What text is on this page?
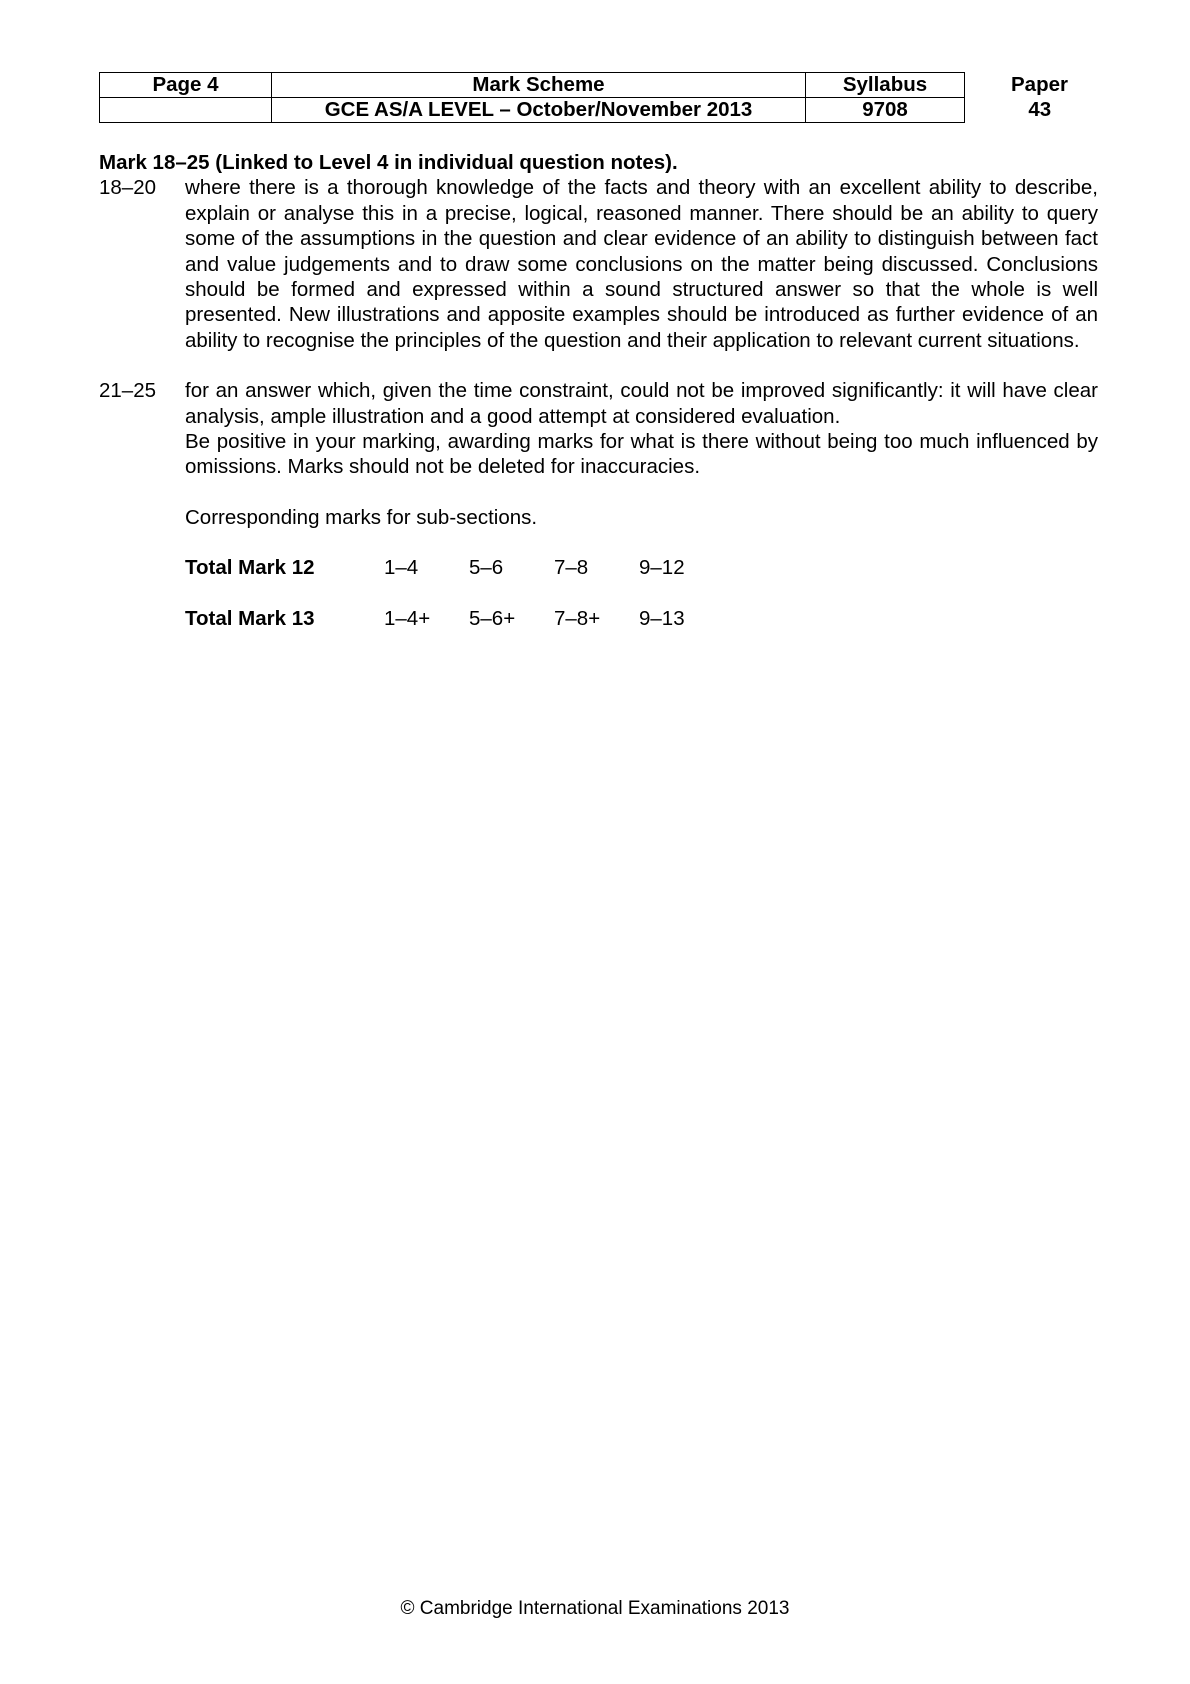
Page 4	Mark Scheme	Syllabus	Paper
	GCE AS/A LEVEL – October/November 2013	9708	43

Mark 18–25 (Linked to Level 4 in individual question notes).

18–20	where there is a thorough knowledge of the facts and theory with an excellent ability to describe, explain or analyse this in a precise, logical, reasoned manner. There should be an ability to query some of the assumptions in the question and clear evidence of an ability to distinguish between fact and value judgements and to draw some conclusions on the matter being discussed. Conclusions should be formed and expressed within a sound structured answer so that the whole is well presented. New illustrations and apposite examples should be introduced as further evidence of an ability to recognise the principles of the question and their application to relevant current situations.

21–25	for an answer which, given the time constraint, could not be improved significantly: it will have clear analysis, ample illustration and a good attempt at considered evaluation.

Be positive in your marking, awarding marks for what is there without being too much influenced by omissions. Marks should not be deleted for inaccuracies.

Corresponding marks for sub-sections.

Total Mark 12	1–4	5–6	7–8	9–12
Total Mark 13	1–4+	5–6+	7–8+	9–13
© Cambridge International Examinations 2013
